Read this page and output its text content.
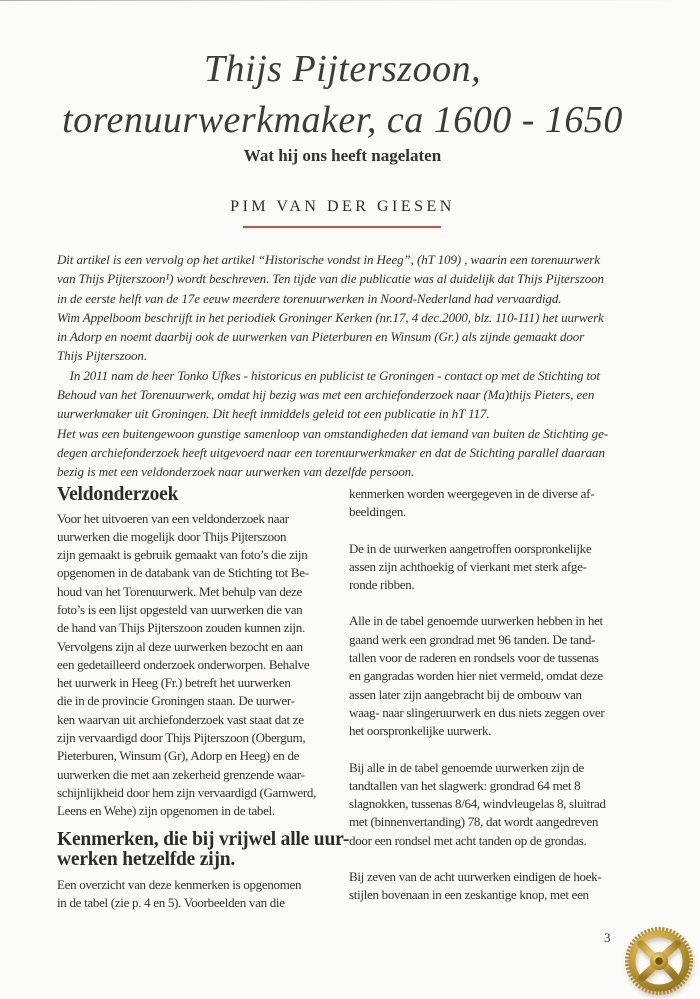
Thijs Pijterszoon,
torenuurwerkmaker, ca 1600 - 1650
Wat hij ons heeft nagelaten
PIM VAN DER GIESEN
Dit artikel is een vervolg op het artikel “Historische vondst in Heeg”, (hT 109) , waarin een torenuurwerk
van Thijs Pijterszoon¹) wordt beschreven. Ten tijde van die publicatie was al duidelijk dat Thijs Pijterszoon
in de eerste helft van de 17e eeuw meerdere torenuurwerken in Noord-Nederland had vervaardigd.
Wim Appelboom beschrijft in het periodiek Groninger Kerken (nr.17, 4 dec.2000, blz. 110-111) het uurwerk
in Adorp en noemt daarbij ook de uurwerken van Pieterburen en Winsum (Gr.) als zijnde gemaakt door
Thijs Pijterszoon.
In 2011 nam de heer Tonko Ufkes - historicus en publicist te Groningen - contact op met de Stichting tot
Behoud van het Torenuurwerk, omdat hij bezig was met een archiefonderzoek naar (Ma)thijs Pieters, een
uurwerkmaker uit Groningen. Dit heeft inmiddels geleid tot een publicatie in hT 117.
Het was een buitengewoon gunstige samenloop van omstandigheden dat iemand van buiten de Stichting ge-
degen archiefonderzoek heeft uitgevoerd naar een torenuurwerkmaker en dat de Stichting parallel daaraan
bezig is met een veldonderzoek naar uurwerken van dezelfde persoon.
Veldonderzoek
Voor het uitvoeren van een veldonderzoek naar
uurwerken die mogelijk door Thijs Pijterszoon
zijn gemaakt is gebruik gemaakt van foto’s die zijn
opgenomen in de databank van de Stichting tot Be-
houd van het Torenuurwerk. Met behulp van deze
foto’s is een lijst opgesteld van uurwerken die van
de hand van Thijs Pijterszoon zouden kunnen zijn.
Vervolgens zijn al deze uurwerken bezocht en aan
een gedetailleerd onderzoek onderworpen. Behalve
het uurwerk in Heeg (Fr.) betreft het uurwerken
die in de provincie Groningen staan. De uurwer-
ken waarvan uit archiefonderzoek vast staat dat ze
zijn vervaardigd door Thijs Pijterszoon (Obergum,
Pieterburen, Winsum (Gr), Adorp en Heeg) en de
uurwerken die met aan zekerheid grenzende waar-
schijnlijkheid door hem zijn vervaardigd (Garnwerd,
Leens en Wehe) zijn opgenomen in de tabel.
Kenmerken, die bij vrijwel alle uur-
werken hetzelfde zijn.
Een overzicht van deze kenmerken is opgenomen
in de tabel (zie p. 4 en 5). Voorbeelden van die
kenmerken worden weergegeven in de diverse af-
beeldingen.
De in de uurwerken aangetroffen oorspronkelijke
assen zijn achthoekig of vierkant met sterk afge-
ronde ribben.
Alle in de tabel genoemde uurwerken hebben in het
gaand werk een grondrad met 96 tanden. De tand-
tallen voor de raderen en rondsels voor de tussenas
en gangradas worden hier niet vermeld, omdat deze
assen later zijn aangebracht bij de ombouw van
waag- naar slingeruurwerk en dus niets zeggen over
het oorspronkelijke uurwerk.
Bij alle in de tabel genoemde uurwerken zijn de
tandtallen van het slagwerk: grondrad 64 met 8
slagnokken, tussenas 8/64, windvleugelas 8, sluitrad
met (binnenvertanding) 78, dat wordt aangedreven
door een rondsel met acht tanden op de grondas.
Bij zeven van de acht uurwerken eindigen de hoek-
stijlen bovenaan in een zeskantige knop, met een
3
